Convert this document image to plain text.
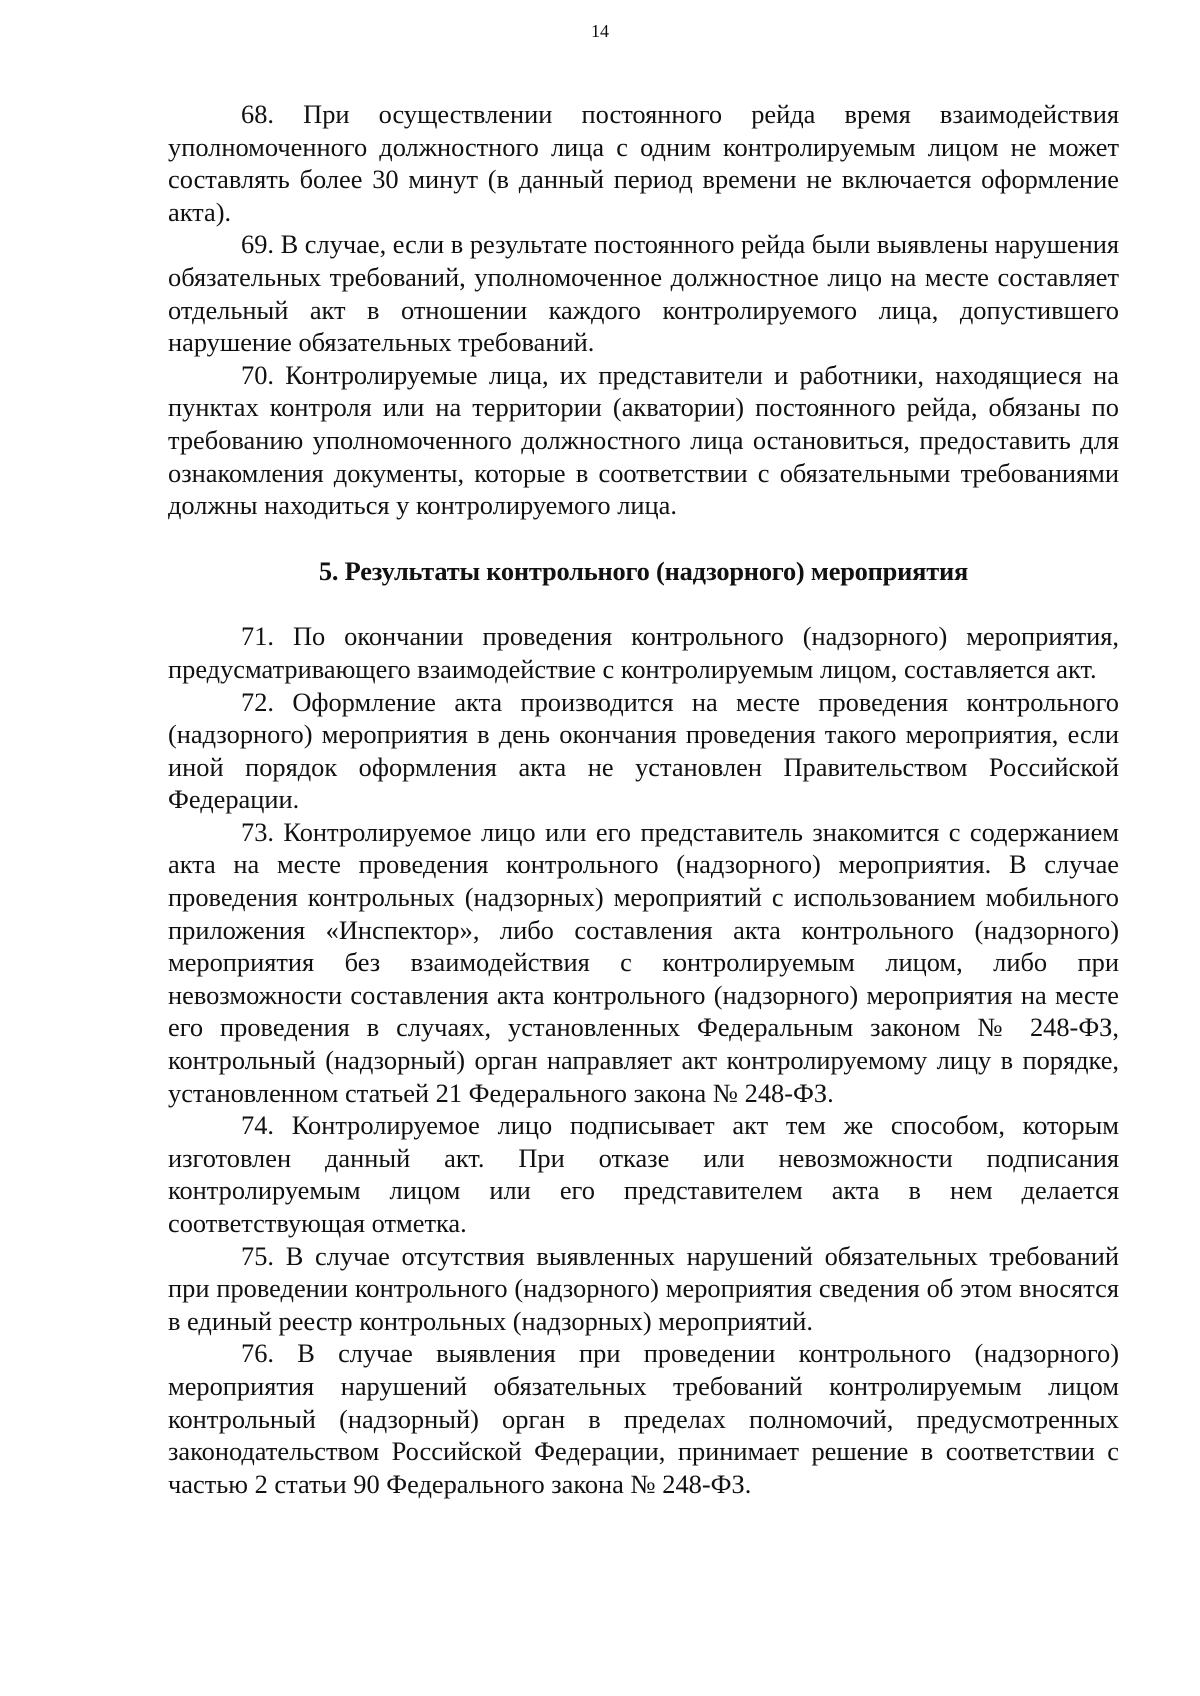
14

68. При осуществлении постоянного рейда время взаимодействия уполномоченного должностного лица с одним контролируемым лицом не может составлять более 30 минут (в данный период времени не включается оформление акта).

69. В случае, если в результате постоянного рейда были выявлены нарушения обязательных требований, уполномоченное должностное лицо на месте составляет отдельный акт в отношении каждого контролируемого лица, допустившего нарушение обязательных требований.

70. Контролируемые лица, их представители и работники, находящиеся на пунктах контроля или на территории (акватории) постоянного рейда, обязаны по требованию уполномоченного должностного лица остановиться, предоставить для ознакомления документы, которые в соответствии с обязательными требованиями должны находиться у контролируемого лица.

5. Результаты контрольного (надзорного) мероприятия

71. По окончании проведения контрольного (надзорного) мероприятия, предусматривающего взаимодействие с контролируемым лицом, составляется акт.

72. Оформление акта производится на месте проведения контрольного (надзорного) мероприятия в день окончания проведения такого мероприятия, если иной порядок оформления акта не установлен Правительством Российской Федерации.

73. Контролируемое лицо или его представитель знакомится с содержанием акта на месте проведения контрольного (надзорного) мероприятия. В случае проведения контрольных (надзорных) мероприятий с использованием мобильного приложения «Инспектор», либо составления акта контрольного (надзорного) мероприятия без взаимодействия с контролируемым лицом, либо при невозможности составления акта контрольного (надзорного) мероприятия на месте его проведения в случаях, установленных Федеральным законом № 248-ФЗ, контрольный (надзорный) орган направляет акт контролируемому лицу в порядке, установленном статьей 21 Федерального закона № 248-ФЗ.

74. Контролируемое лицо подписывает акт тем же способом, которым изготовлен данный акт. При отказе или невозможности подписания контролируемым лицом или его представителем акта в нем делается соответствующая отметка.

75. В случае отсутствия выявленных нарушений обязательных требований при проведении контрольного (надзорного) мероприятия сведения об этом вносятся в единый реестр контрольных (надзорных) мероприятий.

76. В случае выявления при проведении контрольного (надзорного) мероприятия нарушений обязательных требований контролируемым лицом контрольный (надзорный) орган в пределах полномочий, предусмотренных законодательством Российской Федерации, принимает решение в соответствии с частью 2 статьи 90 Федерального закона № 248-ФЗ.
